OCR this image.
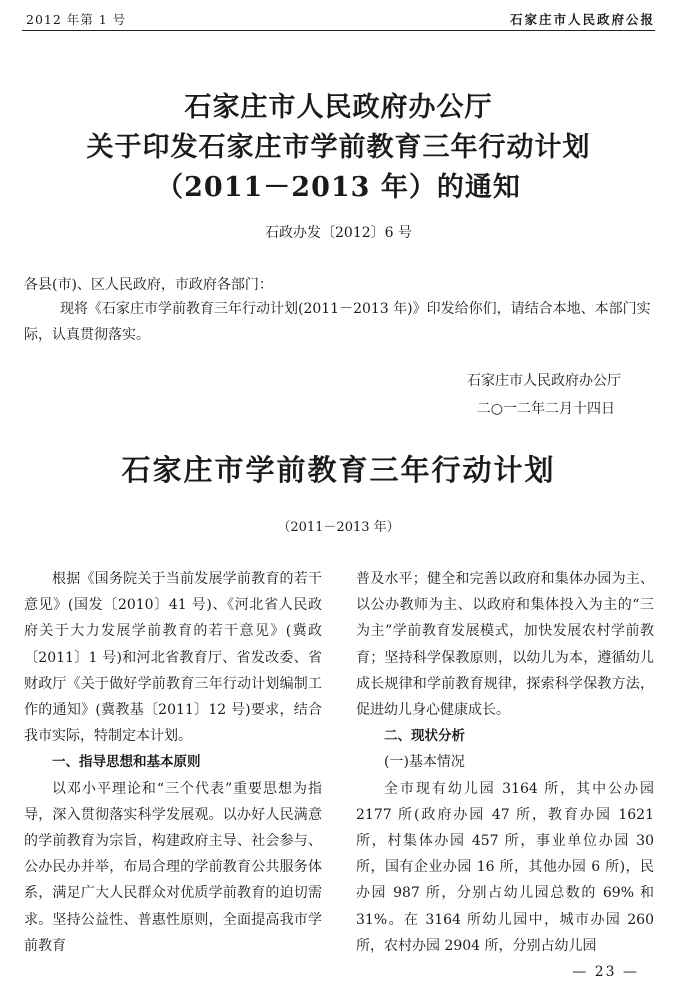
2012 年第 1 号	石家庄市人民政府公报
石家庄市人民政府办公厅
关于印发石家庄市学前教育三年行动计划
（2011－2013 年）的通知
石政办发〔2012〕6 号
各县(市)、区人民政府，市政府各部门：
现将《石家庄市学前教育三年行动计划(2011－2013 年)》印发给你们，请结合本地、本部门实际，认真贯彻落实。
石家庄市人民政府办公厅
二○一二年二月十四日
石家庄市学前教育三年行动计划
（2011－2013 年）

根据《国务院关于当前发展学前教育的若干意见》(国发〔2010〕41 号)、《河北省人民政府关于大力发展学前教育的若干意见》(冀政〔2011〕1 号)和河北省教育厅、省发改委、省财政厅《关于做好学前教育三年行动计划编制工作的通知》(冀教基〔2011〕12 号)要求，结合我市实际，特制定本计划。

一、指导思想和基本原则

以邓小平理论和“三个代表”重要思想为指导，深入贯彻落实科学发展观。以办好人民满意的学前教育为宗旨，构建政府主导、社会参与、公办民办并举，布局合理的学前教育公共服务体系，满足广大人民群众对优质学前教育的迫切需求。坚持公益性、普惠性原则，全面提高我市学前教育

普及水平；健全和完善以政府和集体办园为主、以公办教师为主、以政府和集体投入为主的“三为主”学前教育发展模式，加快发展农村学前教育；坚持科学保教原则，以幼儿为本，遵循幼儿成长规律和学前教育规律，探索科学保教方法，促进幼儿身心健康成长。

二、现状分析

(一)基本情况

全市现有幼儿园 3164 所，其中公办园 2177 所(政府办园 47 所，教育办园 1621 所，村集体办园 457 所，事业单位办园 30 所，国有企业办园 16 所，其他办园 6 所)，民办园 987 所，分别占幼儿园总数的 69% 和 31%。在 3164 所幼儿园中，城市办园 260 所，农村办园 2904 所，分别占幼儿园

— 23 —
